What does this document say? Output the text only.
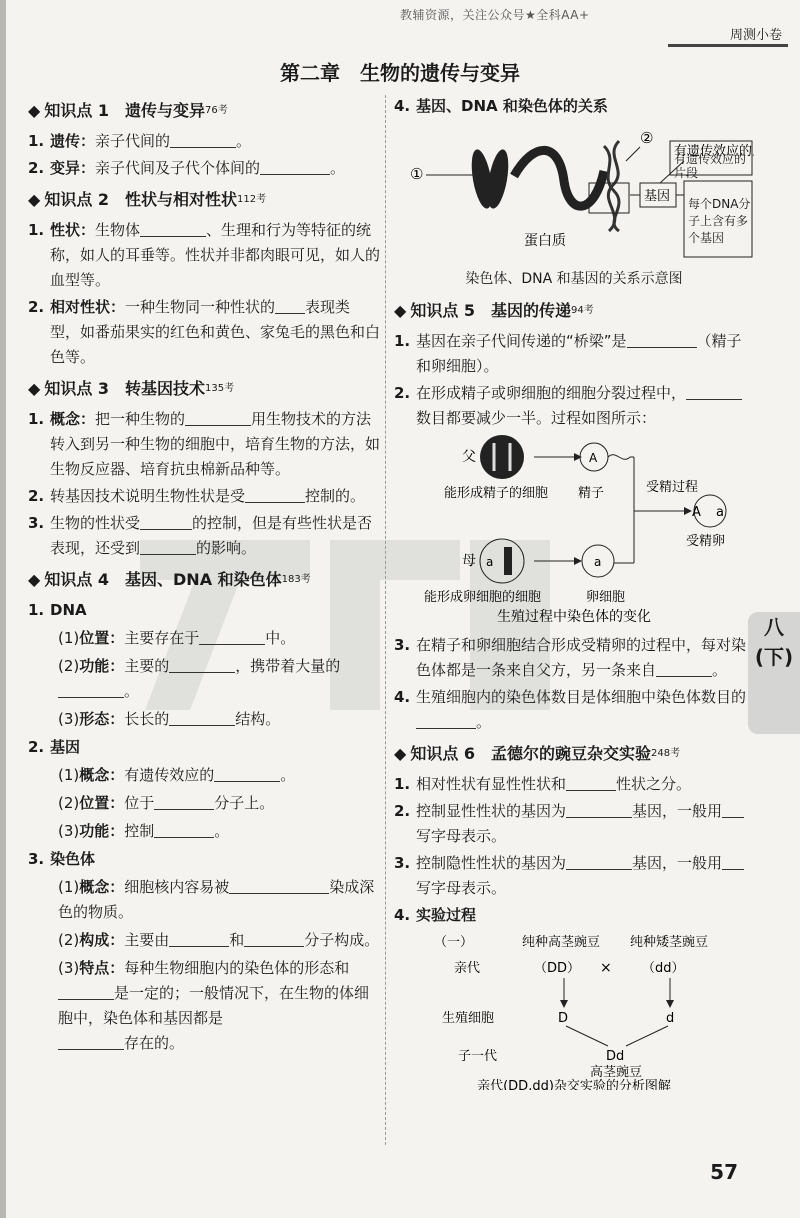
教辅资源，关注公众号★全科AA+
周测小卷
第二章　生物的遗传与变异
◆ 知识点 1　遗传与变异 76考
1. 遗传：亲子代间的	。
2. 变异：亲子代间及子代个体间的	。
◆ 知识点 2　性状与相对性状 112考
1. 性状：生物体	、生理和行为等特征的统称，如人的耳垂等。性状并非都肉眼可见，如人的血型等。
2. 相对性状：一种生物同一种性状的 表现类型，如番茄果实的红色和黄色、家兔毛的黑色和白色等。
◆ 知识点 3　转基因技术 135考
1. 概念：把一种生物的	用生物技术的方法转入到另一种生物的细胞中，培育生物的方法，如生物反应器、培育抗虫棉新品种等。
2. 转基因技术说明生物性状是受	控制的。
3. 生物的性状受	的控制，但是有些性状是否表现，还受到	的影响。
◆ 知识点 4　基因、DNA 和染色体 183考
1. DNA
(1)位置：主要存在于	中。
(2)功能：主要的	，携带着大量的
。
(3)形态：长长的	结构。
2. 基因
(1)概念：有遗传效应的	。
(2)位置：位于	分子上。
(3)功能：控制	。
3. 染色体
(1)概念：细胞核内容易被	染成深色的物质。
(2)构成：主要由	和	分子构成。
(3)特点：每种生物细胞内的染色体的形态和是一定的；一般情况下，在生物的体细胞中，染色体和基因都是
存在的。
4. 基因、DNA 和染色体的关系
①
②
有遗传效应的
基因
蛋白质
有遗传效应的片段
每个DNA分子上含有多个基因
染色体、DNA 和基因的关系示意图
◆ 知识点 5　基因的传递 94考
1. 基因在亲子代间传递的“桥梁”是	（精子和卵细胞）。
2. 在形成精子或卵细胞的细胞分裂过程中，数目都要减少一半。过程如图所示：
父	A
能形成精子的细胞 精子	受精过程
A a
受精卵
母 a	a
能形成卵细胞的细胞	卵细胞
生殖过程中染色体的变化
3. 在精子和卵细胞结合形成受精卵的过程中，每对染色体都是一条来自父方，另一条来自	。
4. 生殖细胞内的染色体数目是体细胞中染色体数目的。
◆ 知识点 6　孟德尔的豌豆杂交实验 248考
1. 相对性状有显性性状和	性状之分。
2. 控制显性性状的基因为	基因，一般用写字母表示。
3. 控制隐性性状的基因为	基因，一般用写字母表示。
4. 实验过程
（一）	纯种高茎豌豆 纯种矮茎豌豆
亲代	（DD） × （dd）
生殖细胞	D	d
子一代	Dd
高茎豌豆
亲代(DD,dd)杂交实验的分析图解
八
(下)
57
